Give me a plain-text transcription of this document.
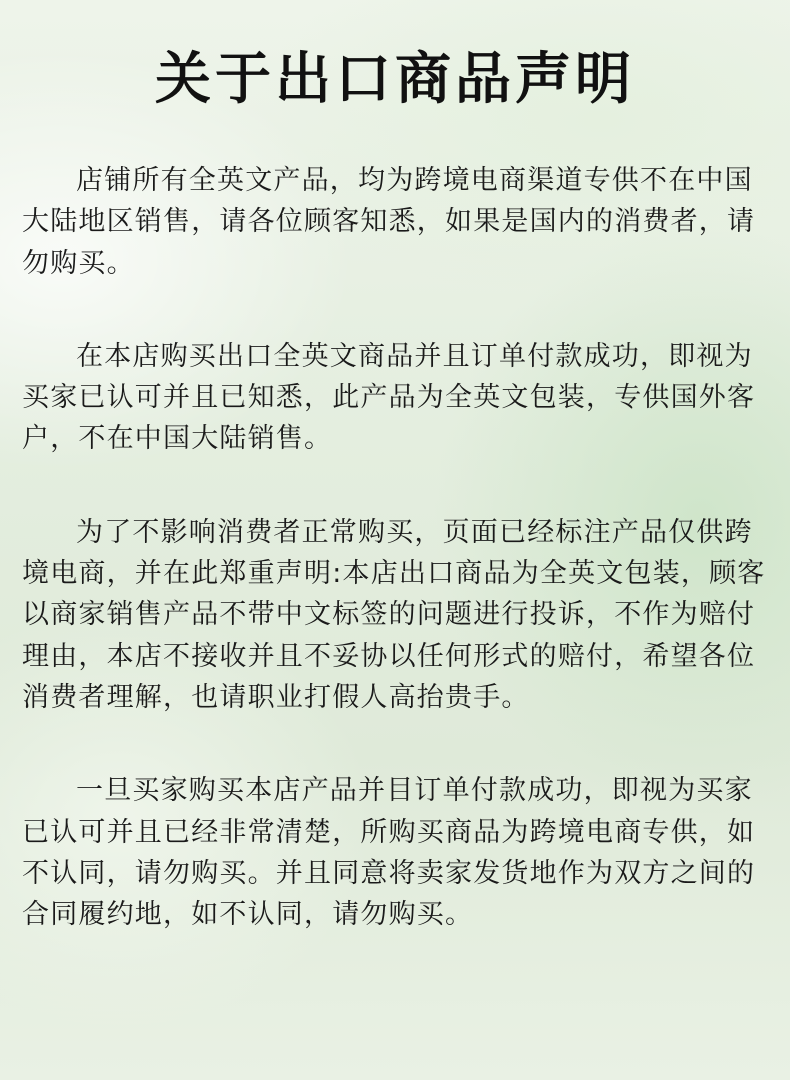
关于出口商品声明

店铺所有全英文产品，均为跨境电商渠道专供不在中国大陆地区销售，请各位顾客知悉，如果是国内的消费者，请勿购买。

在本店购买出口全英文商品并且订单付款成功，即视为买家已认可并且已知悉，此产品为全英文包装，专供国外客户，不在中国大陆销售。

为了不影响消费者正常购买，页面已经标注产品仅供跨境电商，并在此郑重声明:本店出口商品为全英文包装，顾客以商家销售产品不带中文标签的问题进行投诉，不作为赔付理由，本店不接收并且不妥协以任何形式的赔付，希望各位消费者理解，也请职业打假人高抬贵手。

一旦买家购买本店产品并目订单付款成功，即视为买家已认可并且已经非常清楚，所购买商品为跨境电商专供，如不认同，请勿购买。并且同意将卖家发货地作为双方之间的合同履约地，如不认同，请勿购买。
